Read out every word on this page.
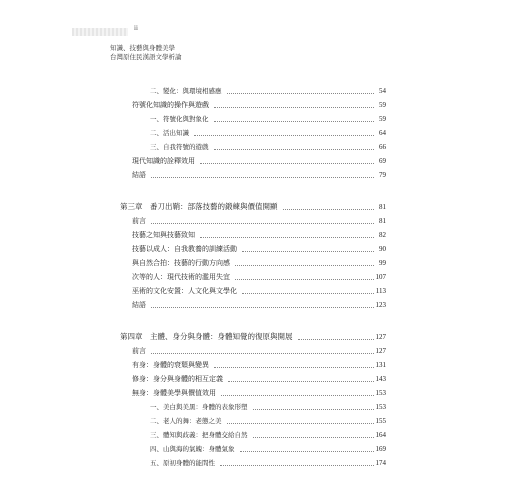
ii
知識、技藝與身體美學
台灣原住民漢語文學析論
二、變化：與環境相感應	54
符號化知識的操作與遊戲	59
一、符號化與對象化	59
二、活出知識	64
三、自我符號的遊戲	66
現代知識的詮釋效用	69
結語	79
第三章　番刀出鞘：部落技藝的鍛練與價值開顯	81
前言	81
技藝之知與技藝致知	82
技藝以成人：自我教養的訓練活動	90
與自然合拍：技藝的行動方向感	99
次等的人：現代技術的濫用失宜	107
巫術的文化安置：人文化與文學化	113
結語	123
第四章　主體、身分與身體：身體知覺的復原與開展	127
前言	127
有身：身體的衰頹與變異	131
修身：身分與身體的相互定義	143
無身：身體美學與價值效用	153
一、美白與美黑：身體的表象形塑	153
二、老人的舞：老態之美	155
三、體知與歧義：把身體交給自然	164
四、山與海的氣魄：身體氣象	169
五、原初身體的能間性	174
